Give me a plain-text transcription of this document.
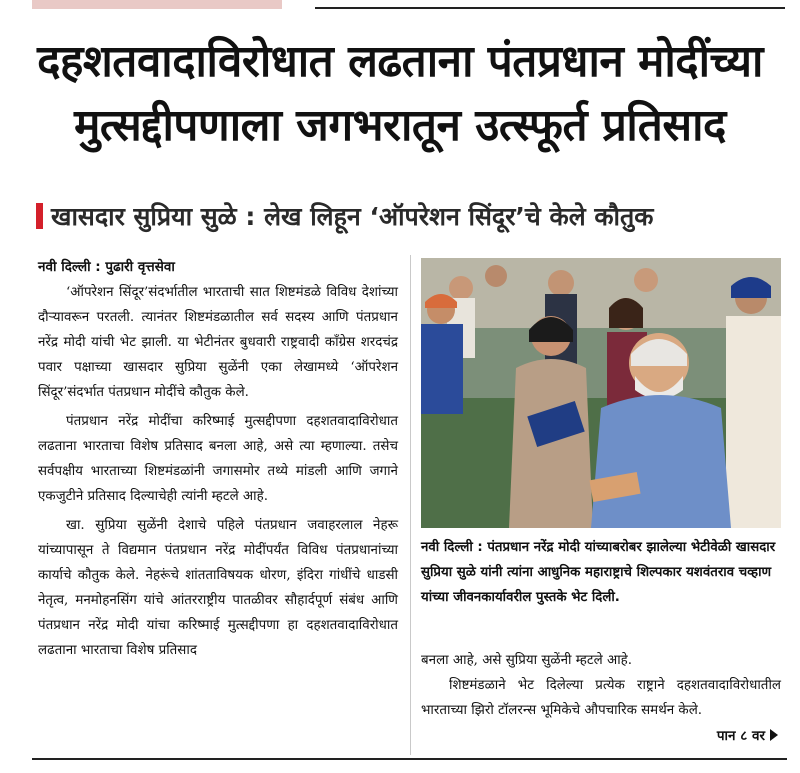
दहशतवादाविरोधात लढताना पंतप्रधान मोदींच्या
मुत्सद्दीपणाला जगभरातून उत्स्फूर्त प्रतिसाद
खासदार सुप्रिया सुळे : लेख लिहून ‘ऑपरेशन सिंदूर’चे केले कौतुक

नवी दिल्ली : पुढारी वृत्तसेवा

‘ऑपरेशन सिंदूर’संदर्भातील भारताची सात शिष्टमंडळे विविध देशांच्या दौऱ्यावरून परतली. त्यानंतर शिष्टमंडळातील सर्व सदस्य आणि पंतप्रधान नरेंद्र मोदी यांची भेट झाली. या भेटीनंतर बुधवारी राष्ट्रवादी काँग्रेस शरदचंद्र पवार पक्षाच्या खासदार सुप्रिया सुळेंनी एका लेखामध्ये ‘ऑपरेशन सिंदूर’संदर्भात पंतप्रधान मोदींचे कौतुक केले.

पंतप्रधान नरेंद्र मोदींचा करिष्माई मुत्सद्दीपणा दहशतवादाविरोधात लढताना भारताचा विशेष प्रतिसाद बनला आहे, असे त्या म्हणाल्या. तसेच सर्वपक्षीय भारताच्या शिष्टमंडळांनी जगासमोर तथ्ये मांडली आणि जगाने एकजुटीने प्रतिसाद दिल्याचेही त्यांनी म्हटले आहे.

खा. सुप्रिया सुळेंनी देशाचे पहिले पंतप्रधान जवाहरलाल नेहरू यांच्यापासून ते विद्यमान पंतप्रधान नरेंद्र मोदींपर्यंत विविध पंतप्रधानांच्या कार्याचे कौतुक केले. नेहरूंचे शांतताविषयक धोरण, इंदिरा गांधींचे धाडसी नेतृत्व, मनमोहनसिंग यांचे आंतरराष्ट्रीय पातळीवर सौहार्दपूर्ण संबंध आणि पंतप्रधान नरेंद्र मोदी यांचा करिष्माई मुत्सद्दीपणा हा दहशतवादाविरोधात लढताना भारताचा विशेष प्रतिसाद

नवी दिल्ली : पंतप्रधान नरेंद्र मोदी यांच्याबरोबर झालेल्या भेटीवेळी खासदार सुप्रिया सुळे यांनी त्यांना आधुनिक महाराष्ट्राचे शिल्पकार यशवंतराव चव्हाण यांच्या जीवनकार्यावरील पुस्तके भेट दिली.

बनला आहे, असे सुप्रिया सुळेंनी म्हटले आहे.

शिष्टमंडळाने भेट दिलेल्या प्रत्येक राष्ट्राने दहशतवादाविरोधातील भारताच्या झिरो टॉलरन्स भूमिकेचे औपचारिक समर्थन केले.

पान ८ वर
